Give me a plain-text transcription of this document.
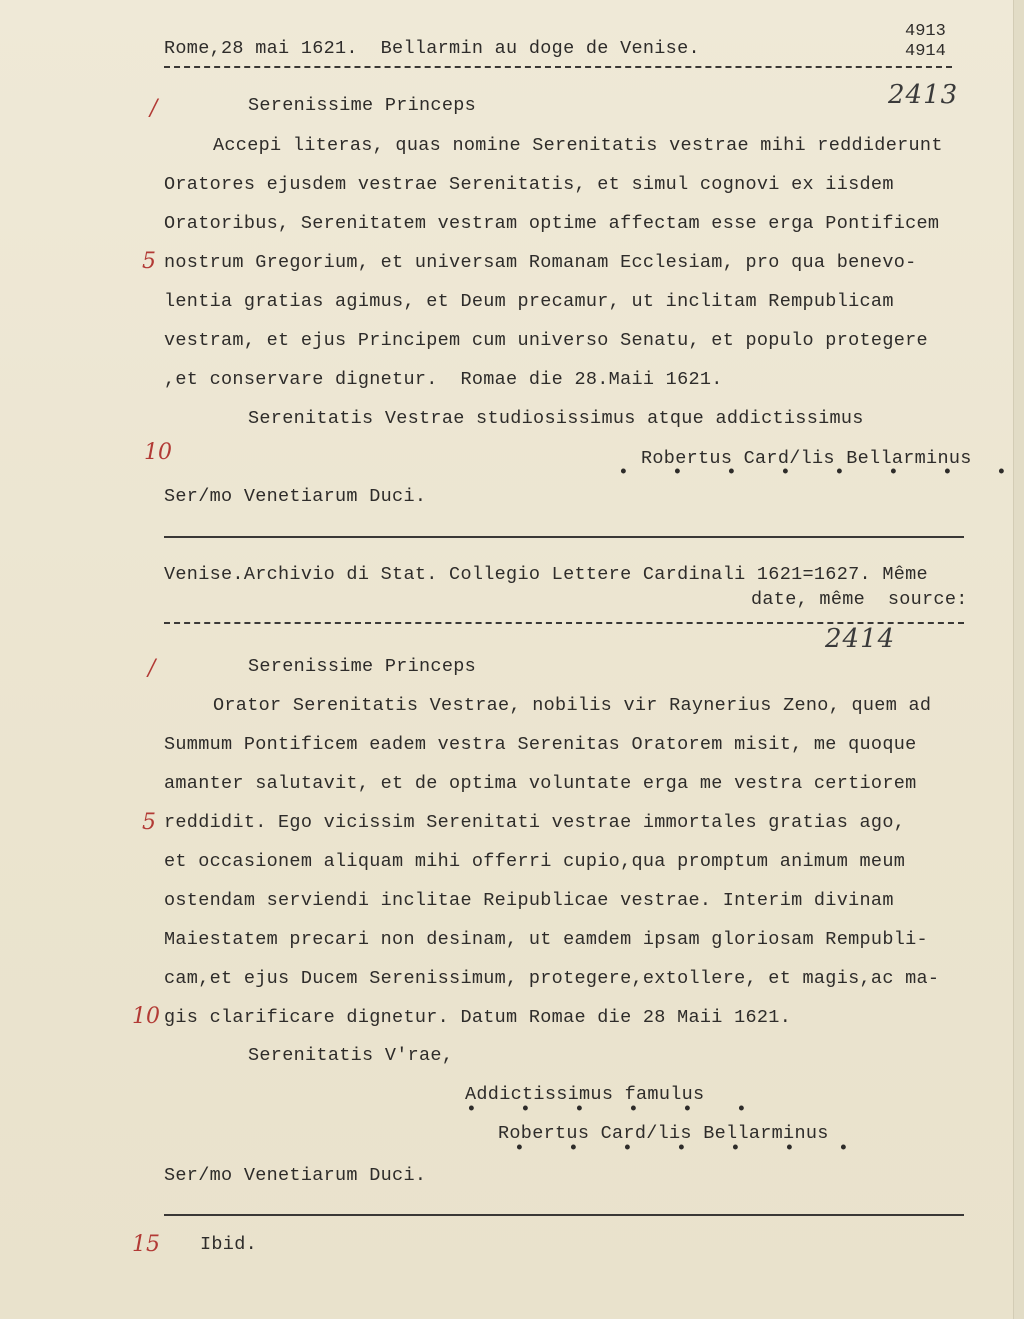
Rome,28 mai 1621.  Bellarmin au doge de Venise.
4913
4914
2413
/	Serenissime Princeps
Accepi literas, quas nomine Serenitatis vestrae mihi reddiderunt
Oratores ejusdem vestrae Serenitatis, et simul cognovi ex iisdem
Oratoribus, Serenitatem vestram optime affectam esse erga Pontificem
5 nostrum Gregorium, et universam Romanam Ecclesiam, pro qua benevo-
lentia gratias agimus, et Deum precamur, ut inclitam Rempublicam
vestram, et ejus Principem cum universo Senatu, et populo protegere
,et conservare dignetur.  Romae die 28.Maii 1621.
Serenitatis Vestrae studiosissimus atque addictissimus
10	Robertus Card/lis Bellarminus
•    •    •    •    •    •    •    •
Ser/mo Venetiarum Duci.
Venise.Archivio di Stat. Collegio Lettere Cardinali 1621=1627. Même
date, même  source:
2414
/	Serenissime Princeps
Orator Serenitatis Vestrae, nobilis vir Raynerius Zeno, quem ad
Summum Pontificem eadem vestra Serenitas Oratorem misit, me quoque
amanter salutavit, et de optima voluntate erga me vestra certiorem
5 reddidit. Ego vicissim Serenitati vestrae immortales gratias ago,
et occasionem aliquam mihi offerri cupio,qua promptum animum meum
ostendam serviendi inclitae Reipublicae vestrae. Interim divinam
Maiestatem precari non desinam, ut eamdem ipsam gloriosam Rempubli-
cam,et ejus Ducem Serenissimum, protegere,extollere, et magis,ac ma-
10 gis clarificare dignetur. Datum Romae die 28 Maii 1621.
Serenitatis V'rae,
Addictissimus famulus
•    •    •    •    •    •
Robertus Card/lis Bellarminus
•    •    •    •    •    •    •
Ser/mo Venetiarum Duci.
15 Ibid.
